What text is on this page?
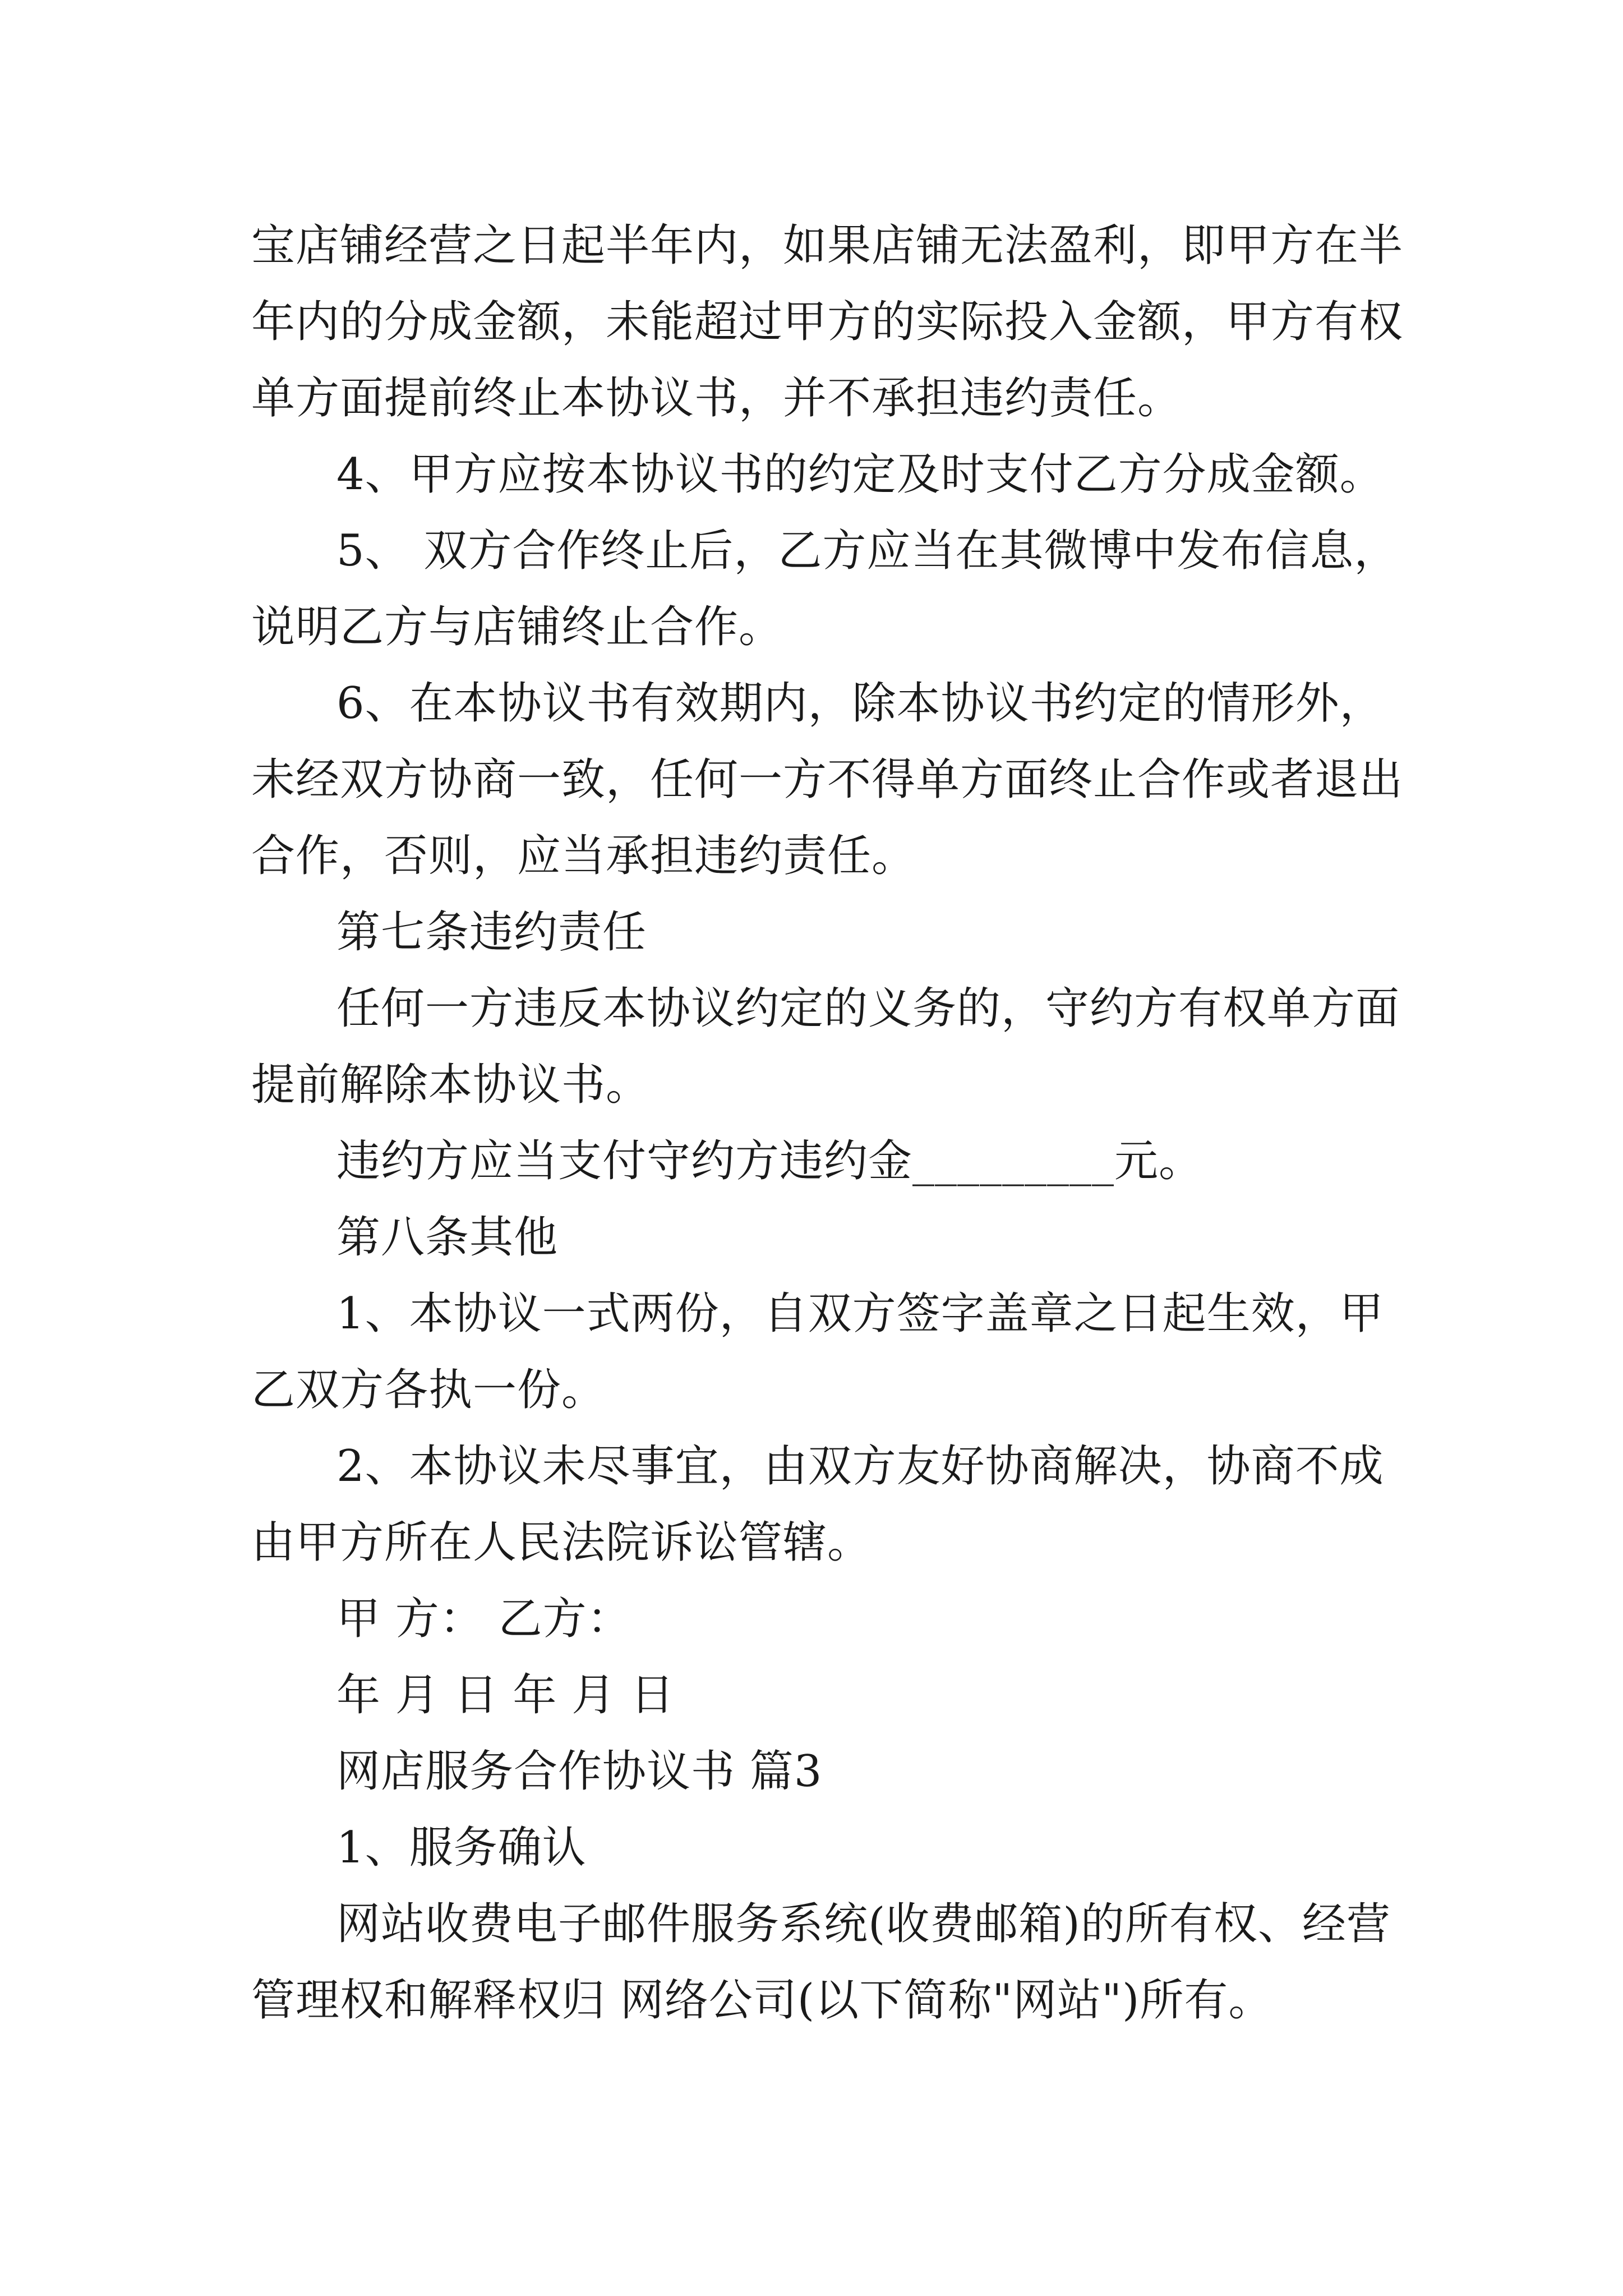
宝店铺经营之日起半年内，如果店铺无法盈利，即甲方在半
年内的分成金额，未能超过甲方的实际投入金额，甲方有权
单方面提前终止本协议书，并不承担违约责任。
4、甲方应按本协议书的约定及时支付乙方分成金额。
5、 双方合作终止后，乙方应当在其微博中发布信息，
说明乙方与店铺终止合作。
6、在本协议书有效期内，除本协议书约定的情形外，
未经双方协商一致，任何一方不得单方面终止合作或者退出
合作，否则，应当承担违约责任。
第七条违约责任
任何一方违反本协议约定的义务的，守约方有权单方面
提前解除本协议书。
违约方应当支付守约方违约金_________元。
第八条其他
1、本协议一式两份，自双方签字盖章之日起生效，甲
乙双方各执一份。
2、本协议未尽事宜，由双方友好协商解决，协商不成
由甲方所在人民法院诉讼管辖。
甲 方： 乙方：
年 月 日 年 月 日
网店服务合作协议书 篇3
1、服务确认
网站收费电子邮件服务系统(收费邮箱)的所有权、经营
管理权和解释权归 网络公司(以下简称"网站")所有。
